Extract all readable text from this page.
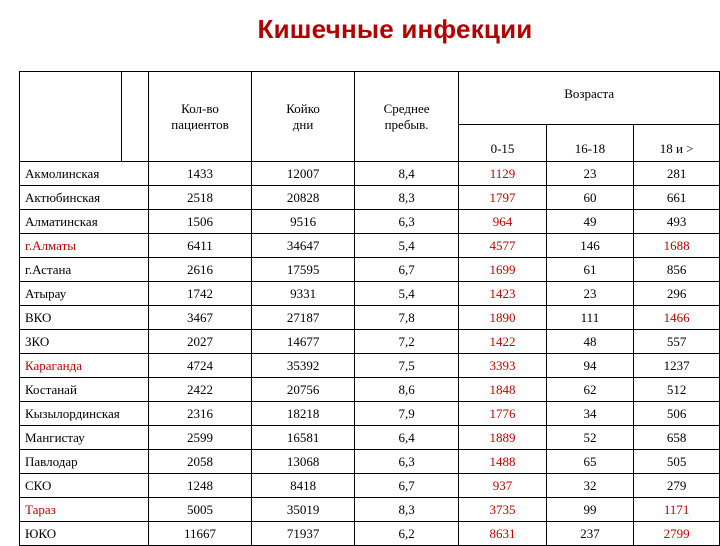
Кишечные инфекции
		Кол-во пациентов	Койко дни	Среднее пребыв.	Возраста		
					0-15	16-18	18 и >
Акмолинская		1433	12007	8,4	1129	23	281
Актюбинская		2518	20828	8,3	1797	60	661
Алматинская		1506	9516	6,3	964	49	493
г.Алматы		6411	34647	5,4	4577	146	1688
г.Астана		2616	17595	6,7	1699	61	856
Атырау		1742	9331	5,4	1423	23	296
ВКО		3467	27187	7,8	1890	111	1466
ЗКО		2027	14677	7,2	1422	48	557
Караганда		4724	35392	7,5	3393	94	1237
Костанай		2422	20756	8,6	1848	62	512
Кызылординская		2316	18218	7,9	1776	34	506
Мангистау		2599	16581	6,4	1889	52	658
Павлодар		2058	13068	6,3	1488	65	505
СКО		1248	8418	6,7	937	32	279
Тараз		5005	35019	8,3	3735	99	1171
ЮКО		11667	71937	6,2	8631	237	2799
